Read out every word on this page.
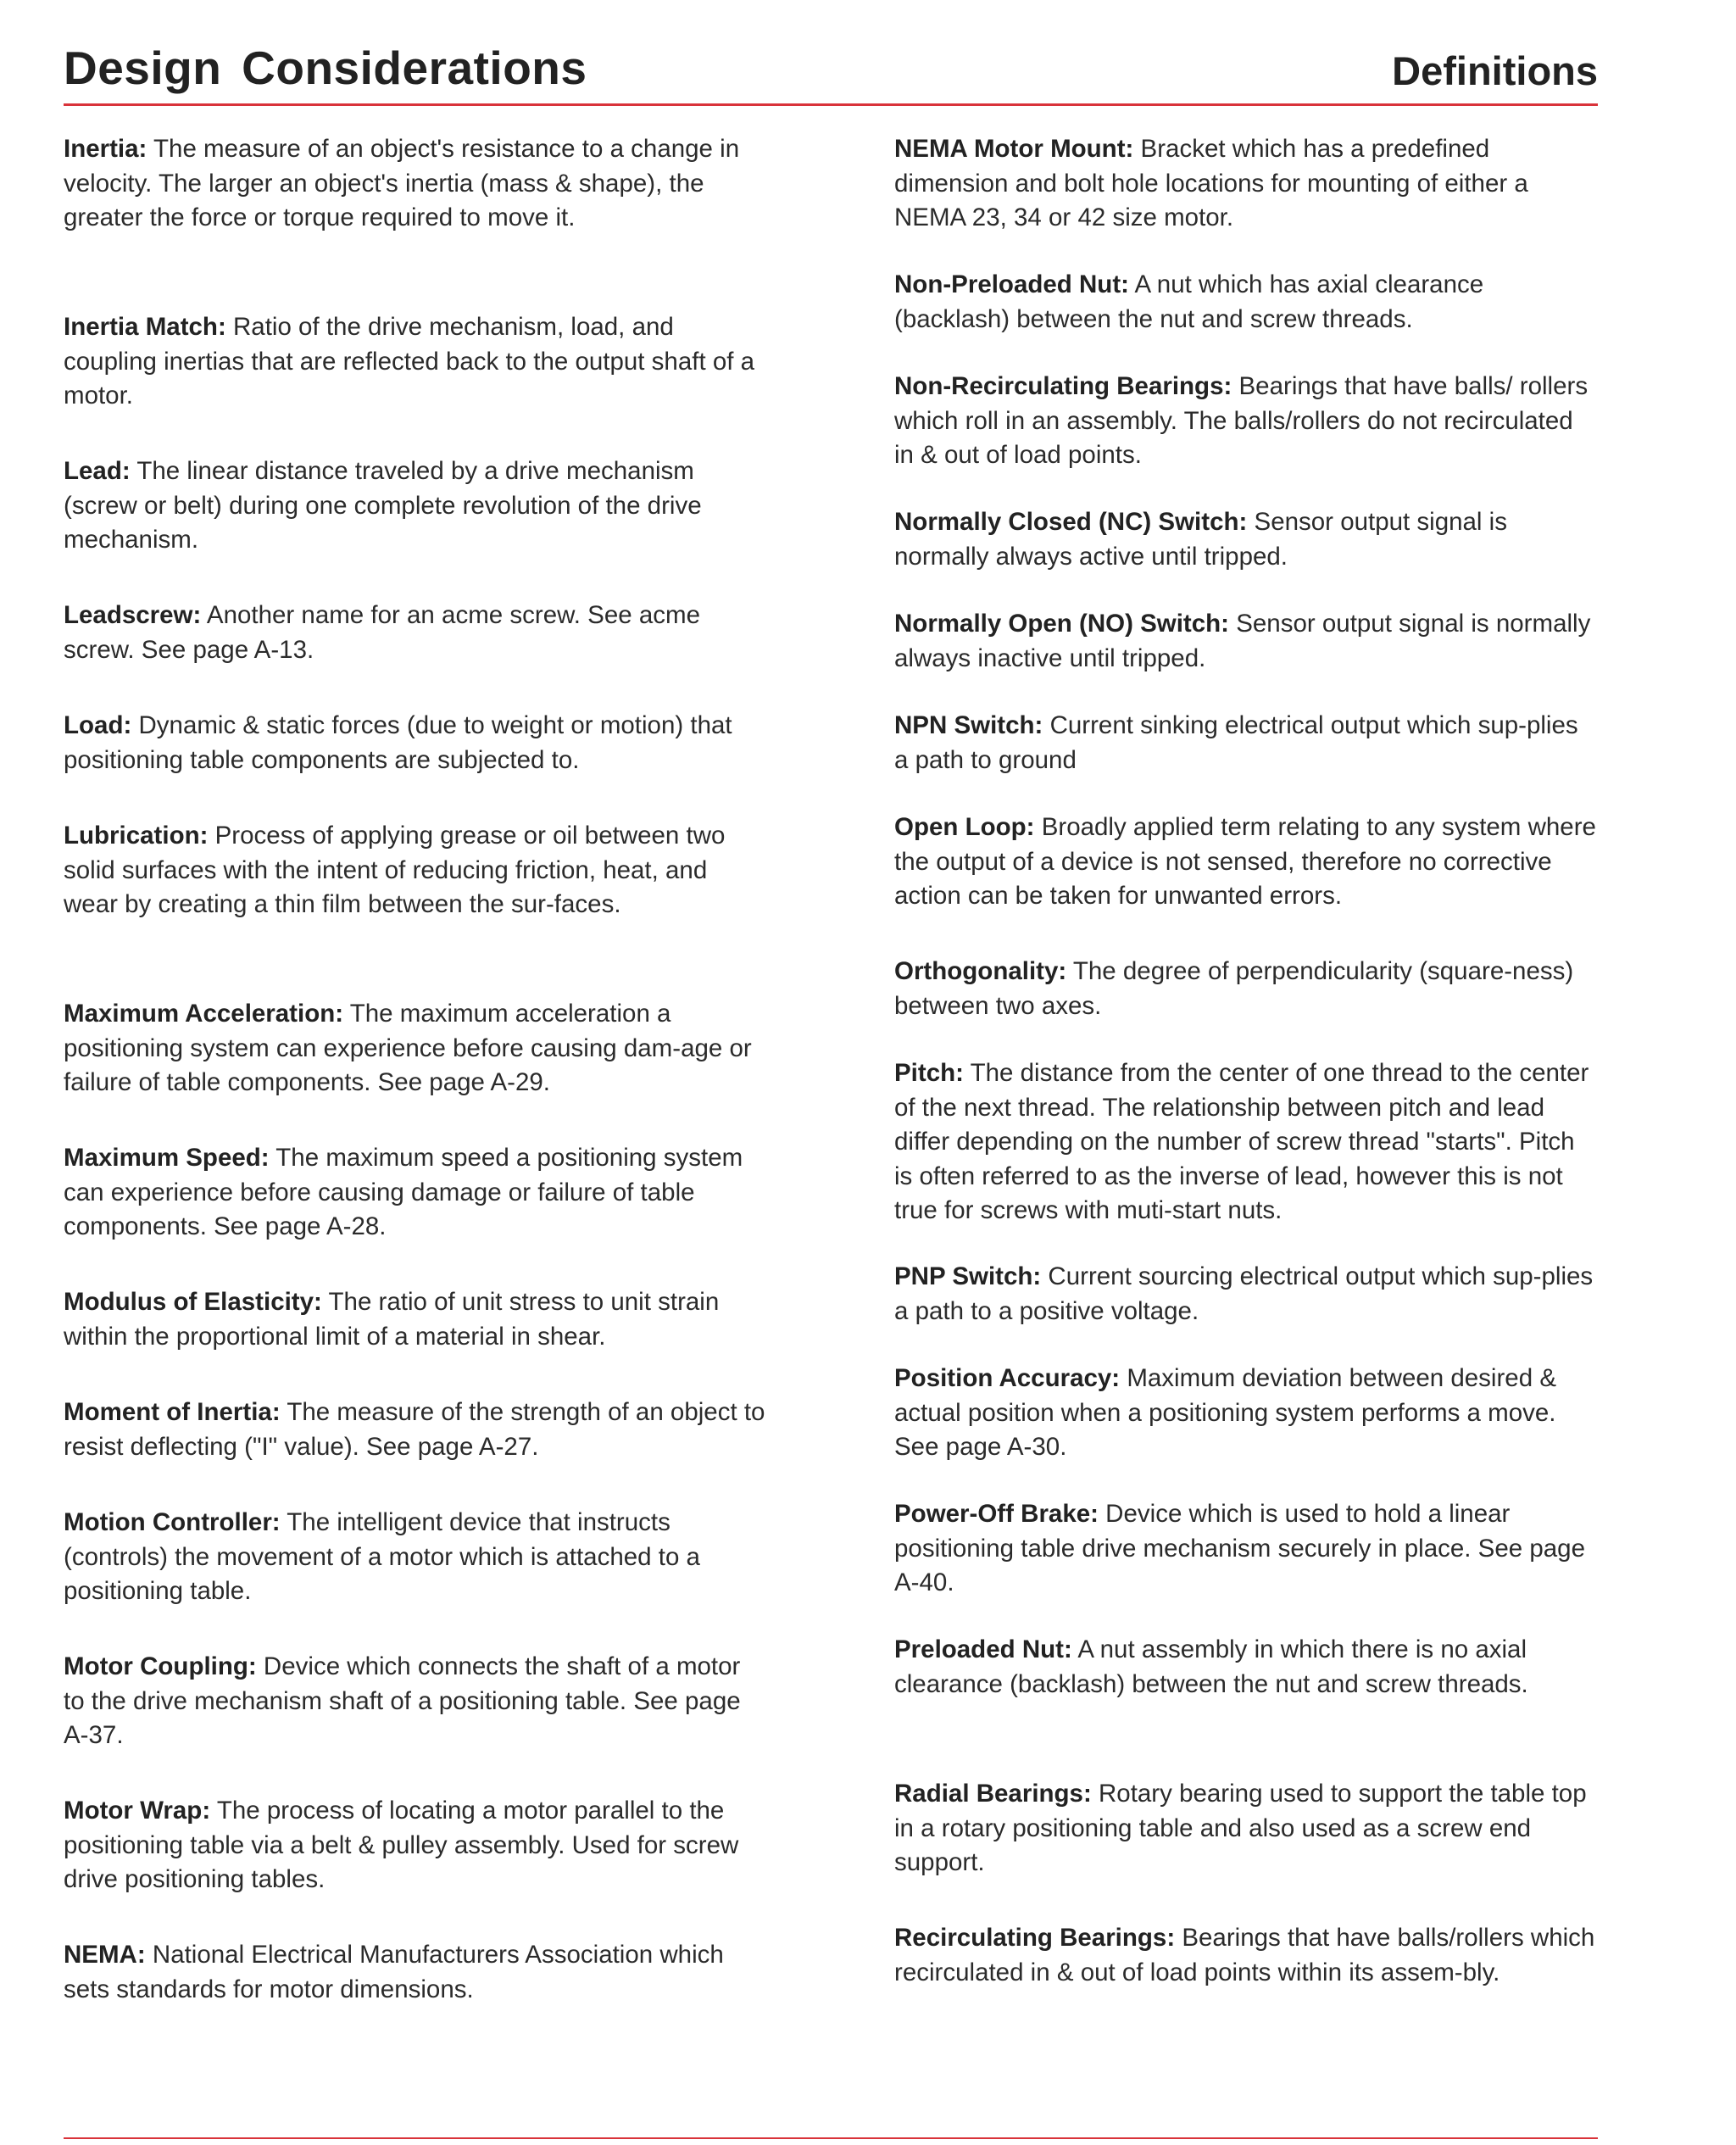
Design Considerations	Definitions

Inertia: The measure of an object's resistance to a change in velocity. The larger an object's inertia (mass & shape), the greater the force or torque required to move it.

Inertia Match: Ratio of the drive mechanism, load, and coupling inertias that are reflected back to the output shaft of a motor.

Lead: The linear distance traveled by a drive mechanism (screw or belt) during one complete revolution of the drive mechanism.

Leadscrew: Another name for an acme screw. See acme screw. See page A-13.

Load: Dynamic & static forces (due to weight or motion) that positioning table components are subjected to.

Lubrication: Process of applying grease or oil between two solid surfaces with the intent of reducing friction, heat, and wear by creating a thin film between the sur-faces.

Maximum Acceleration: The maximum acceleration a positioning system can experience before causing dam-age or failure of table components. See page A-29.

Maximum Speed: The maximum speed a positioning system can experience before causing damage or failure of table components. See page A-28.

Modulus of Elasticity: The ratio of unit stress to unit strain within the proportional limit of a material in shear.

Moment of Inertia: The measure of the strength of an object to resist deflecting ("I" value). See page A-27.

Motion Controller: The intelligent device that instructs (controls) the movement of a motor which is attached to a positioning table.

Motor Coupling: Device which connects the shaft of a motor to the drive mechanism shaft of a positioning table. See page A-37.

Motor Wrap: The process of locating a motor parallel to the positioning table via a belt & pulley assembly. Used for screw drive positioning tables.

NEMA: National Electrical Manufacturers Association which sets standards for motor dimensions.

NEMA Motor Mount: Bracket which has a predefined dimension and bolt hole locations for mounting of either a NEMA 23, 34 or 42 size motor.

Non-Preloaded Nut: A nut which has axial clearance (backlash) between the nut and screw threads.

Non-Recirculating Bearings: Bearings that have balls/ rollers which roll in an assembly. The balls/rollers do not recirculated in & out of load points.

Normally Closed (NC) Switch: Sensor output signal is normally always active until tripped.

Normally Open (NO) Switch: Sensor output signal is normally always inactive until tripped.

NPN Switch: Current sinking electrical output which sup-plies a path to ground

Open Loop: Broadly applied term relating to any system where the output of a device is not sensed, therefore no corrective action can be taken for unwanted errors.

Orthogonality: The degree of perpendicularity (square-ness) between two axes.

Pitch: The distance from the center of one thread to the center of the next thread. The relationship between pitch and lead differ depending on the number of screw thread "starts". Pitch is often referred to as the inverse of lead, however this is not true for screws with muti-start nuts.

PNP Switch: Current sourcing electrical output which sup-plies a path to a positive voltage.

Position Accuracy: Maximum deviation between desired & actual position when a positioning system performs a move. See page A-30.

Power-Off Brake: Device which is used to hold a linear positioning table drive mechanism securely in place. See page A-40.

Preloaded Nut: A nut assembly in which there is no axial clearance (backlash) between the nut and screw threads.

Radial Bearings: Rotary bearing used to support the table top in a rotary positioning table and also used as a screw end support.

Recirculating Bearings: Bearings that have balls/rollers which recirculated in & out of load points within its assem-bly.
